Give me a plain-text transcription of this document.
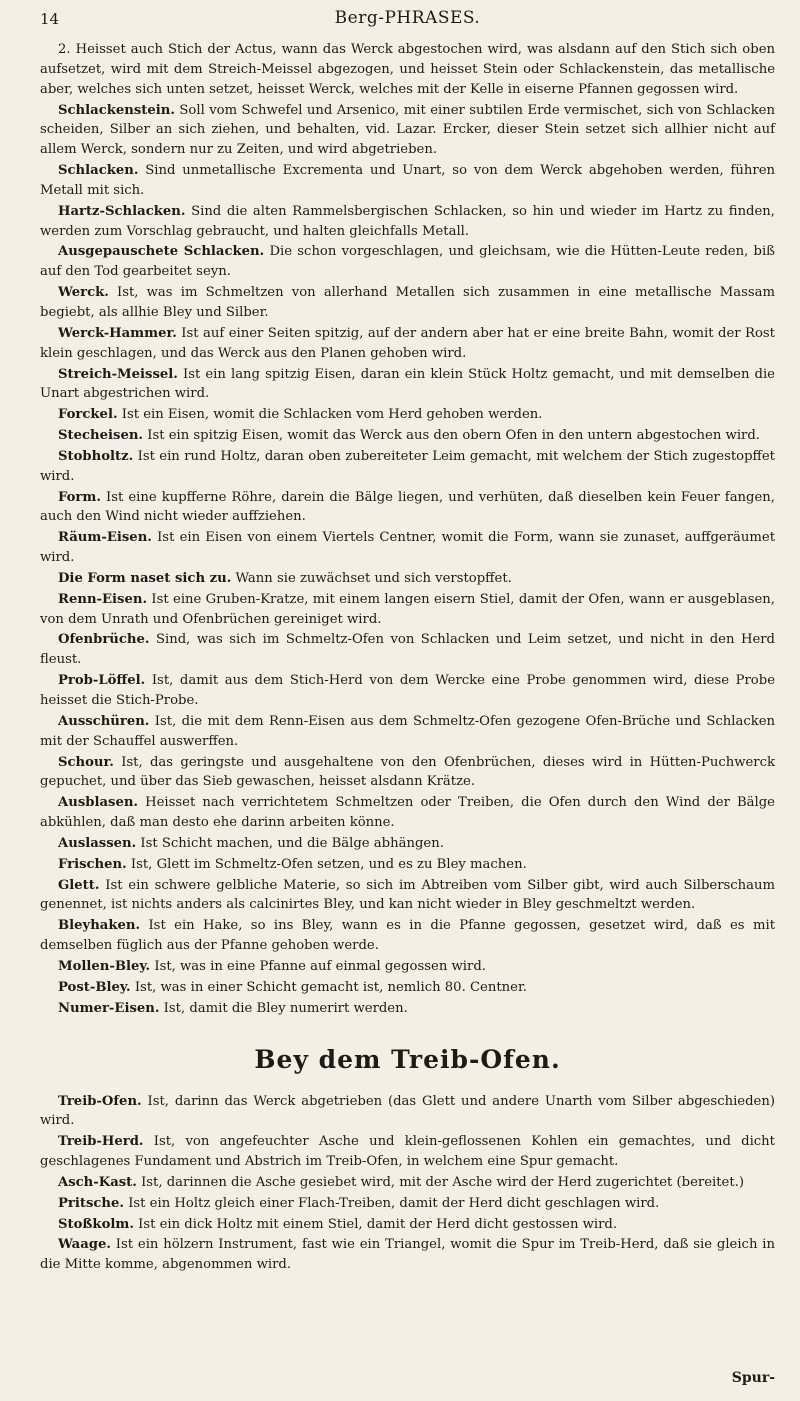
14	Berg-PHRASES.

2. Heisset auch Stich der Actus, wann das Werck abgestochen wird, was alsdann auf den Stich sich oben aufsetzet, wird mit dem Streich-Meissel abgezogen, und heisset Stein oder Schlackenstein, das metallische aber, welches sich unten setzet, heisset Werck, welches mit der Kelle in eiserne Pfannen gegossen wird.

Schlackenstein. Soll vom Schwefel und Arsenico, mit einer subtilen Erde vermischet, sich von Schlacken scheiden, Silber an sich ziehen, und behalten, vid. Lazar. Ercker, dieser Stein setzet sich allhier nicht auf allem Werck, sondern nur zu Zeiten, und wird abgetrieben.

Schlacken. Sind unmetallische Excrementa und Unart, so von dem Werck abgehoben werden, führen Metall mit sich.

Hartz-Schlacken. Sind die alten Rammelsbergischen Schlacken, so hin und wieder im Hartz zu finden, werden zum Vorschlag gebraucht, und halten gleichfalls Metall.

Ausgepauschete Schlacken. Die schon vorgeschlagen, und gleichsam, wie die Hütten-Leute reden, biß auf den Tod gearbeitet seyn.

Werck. Ist, was im Schmeltzen von allerhand Metallen sich zusammen in eine metallische Massam begiebt, als allhie Bley und Silber.

Werck-Hammer. Ist auf einer Seiten spitzig, auf der andern aber hat er eine breite Bahn, womit der Rost klein geschlagen, und das Werck aus den Planen gehoben wird.

Streich-Meissel. Ist ein lang spitzig Eisen, daran ein klein Stück Holtz gemacht, und mit demselben die Unart abgestrichen wird.

Forckel. Ist ein Eisen, womit die Schlacken vom Herd gehoben werden.

Stecheisen. Ist ein spitzig Eisen, womit das Werck aus den obern Ofen in den untern abgestochen wird.

Stobholtz. Ist ein rund Holtz, daran oben zubereiteter Leim gemacht, mit welchem der Stich zugestopffet wird.

Form. Ist eine kupfferne Röhre, darein die Bälge liegen, und verhüten, daß dieselben kein Feuer fangen, auch den Wind nicht wieder auffziehen.

Räum-Eisen. Ist ein Eisen von einem Viertels Centner, womit die Form, wann sie zunaset, auffgeräumet wird.

Die Form naset sich zu. Wann sie zuwächset und sich verstopffet.

Renn-Eisen. Ist eine Gruben-Kratze, mit einem langen eisern Stiel, damit der Ofen, wann er ausgeblasen, von dem Unrath und Ofenbrüchen gereiniget wird.

Ofenbrüche. Sind, was sich im Schmeltz-Ofen von Schlacken und Leim setzet, und nicht in den Herd fleust.

Prob-Löffel. Ist, damit aus dem Stich-Herd von dem Wercke eine Probe genommen wird, diese Probe heisset die Stich-Probe.

Ausschüren. Ist, die mit dem Renn-Eisen aus dem Schmeltz-Ofen gezogene Ofen-Brüche und Schlacken mit der Schauffel auswerffen.

Schour. Ist, das geringste und ausgehaltene von den Ofenbrüchen, dieses wird in Hütten-Puchwerck gepuchet, und über das Sieb gewaschen, heisset alsdann Krätze.

Ausblasen. Heisset nach verrichtetem Schmeltzen oder Treiben, die Ofen durch den Wind der Bälge abkühlen, daß man desto ehe darinn arbeiten könne.

Auslassen. Ist Schicht machen, und die Bälge abhängen.

Frischen. Ist, Glett im Schmeltz-Ofen setzen, und es zu Bley machen.

Glett. Ist ein schwere gelbliche Materie, so sich im Abtreiben vom Silber gibt, wird auch Silberschaum genennet, ist nichts anders als calcinirtes Bley, und kan nicht wieder in Bley geschmeltzt werden.

Bleyhaken. Ist ein Hake, so ins Bley, wann es in die Pfanne gegossen, gesetzet wird, daß es mit demselben füglich aus der Pfanne gehoben werde.

Mollen-Bley. Ist, was in eine Pfanne auf einmal gegossen wird.

Post-Bley. Ist, was in einer Schicht gemacht ist, nemlich 80. Centner.

Numer-Eisen. Ist, damit die Bley numerirt werden.

Bey dem Treib-Ofen.

Treib-Ofen. Ist, darinn das Werck abgetrieben (das Glett und andere Unarth vom Silber abgeschieden) wird.

Treib-Herd. Ist, von angefeuchter Asche und klein-geflossenen Kohlen ein gemachtes, und dicht geschlagenes Fundament und Abstrich im Treib-Ofen, in welchem eine Spur gemacht.

Asch-Kast. Ist, darinnen die Asche gesiebet wird, mit der Asche wird der Herd zugerichtet (bereitet.)

Pritsche. Ist ein Holtz gleich einer Flach-Treiben, damit der Herd dicht geschlagen wird.

Stoßkolm. Ist ein dick Holtz mit einem Stiel, damit der Herd dicht gestossen wird.

Waage. Ist ein hölzern Instrument, fast wie ein Triangel, womit die Spur im Treib-Herd, daß sie gleich in die Mitte komme, abgenommen wird.

Spur-
